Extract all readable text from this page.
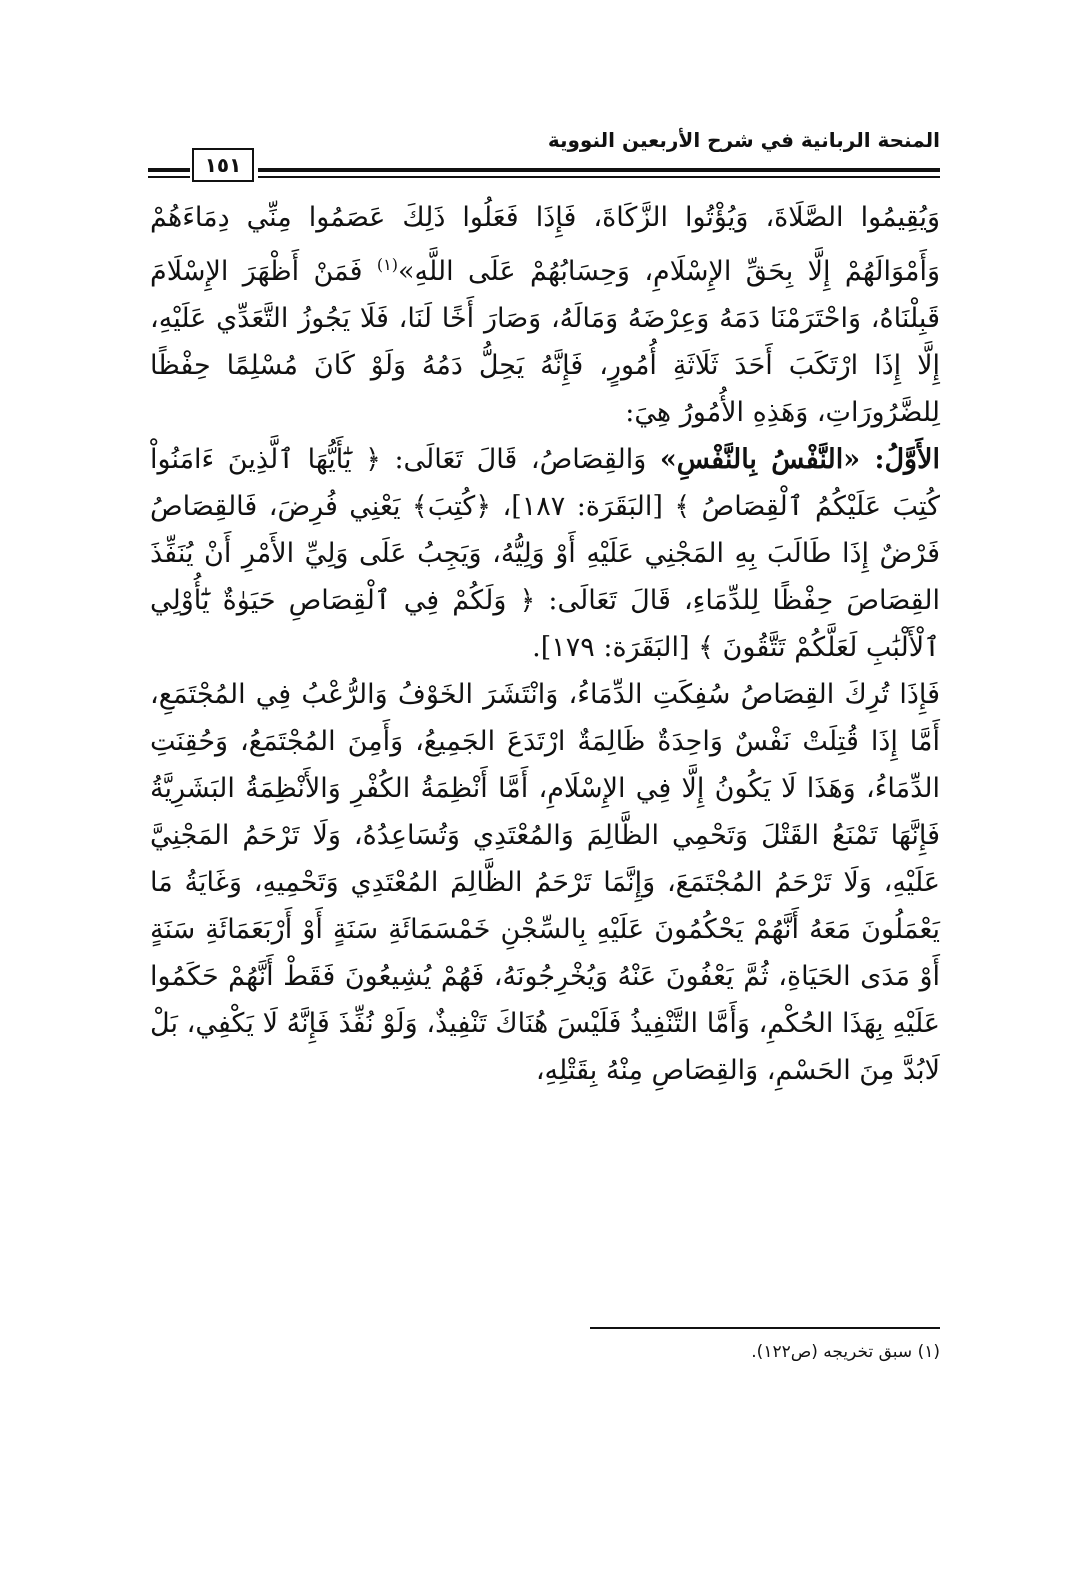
المنحة الربانية في شرح الأربعين النووية
١٥١

وَيُقِيمُوا الصَّلَاةَ، وَيُؤْتُوا الزَّكَاةَ، فَإِذَا فَعَلُوا ذَلِكَ عَصَمُوا مِنِّي دِمَاءَهُمْ وَأَمْوَالَهُمْ إِلَّا بِحَقِّ الإِسْلَامِ، وَحِسَابُهُمْ عَلَى اللَّهِ»$^{(١)}$ فَمَنْ أَظْهَرَ الإِسْلَامَ قَبِلْنَاهُ، وَاحْتَرَمْنَا دَمَهُ وَعِرْضَهُ وَمَالَهُ، وَصَارَ أَخًا لَنَا، فَلَا يَجُوزُ التَّعَدِّي عَلَيْهِ، إِلَّا إِذَا ارْتَكَبَ أَحَدَ ثَلَاثَةِ أُمُورٍ، فَإِنَّهُ يَحِلُّ دَمُهُ وَلَوْ كَانَ مُسْلِمًا حِفْظًا لِلضَّرُورَاتِ، وَهَذِهِ الأُمُورُ هِيَ:

الأَوَّلُ: «النَّفْسُ بِالنَّفْسِ» وَالقِصَاصُ، قَالَ تَعَالَى: ﴿ يَٰٓأَيُّهَا ٱلَّذِينَ ءَامَنُواْ كُتِبَ عَلَيْكُمُ ٱلْقِصَاصُ ﴾ [البَقَرَة: ١٨٧]، ﴿كُتِبَ﴾ يَعْنِي فُرِضَ، فَالقِصَاصُ فَرْضٌ إِذَا طَالَبَ بِهِ المَجْنِي عَلَيْهِ أَوْ وَلِيُّهُ، وَيَجِبُ عَلَى وَلِيِّ الأَمْرِ أَنْ يُنَفِّذَ القِصَاصَ حِفْظًا لِلدِّمَاءِ، قَالَ تَعَالَى: ﴿ وَلَكُمْ فِي ٱلْقِصَاصِ حَيَوٰةٌ يَٰٓأُوْلِي ٱلْأَلْبَٰبِ لَعَلَّكُمْ تَتَّقُونَ ﴾ [البَقَرَة: ١٧٩].

فَإِذَا تُرِكَ القِصَاصُ سُفِكَتِ الدِّمَاءُ، وَانْتَشَرَ الخَوْفُ وَالرُّعْبُ فِي المُجْتَمَعِ، أَمَّا إِذَا قُتِلَتْ نَفْسٌ وَاحِدَةٌ ظَالِمَةٌ ارْتَدَعَ الجَمِيعُ، وَأَمِنَ المُجْتَمَعُ، وَحُقِنَتِ الدِّمَاءُ، وَهَذَا لَا يَكُونُ إِلَّا فِي الإِسْلَامِ، أَمَّا أَنْظِمَةُ الكُفْرِ وَالأَنْظِمَةُ البَشَرِيَّةُ فَإِنَّهَا تَمْنَعُ القَتْلَ وَتَحْمِي الظَّالِمَ وَالمُعْتَدِي وَتُسَاعِدُهُ، وَلَا تَرْحَمُ المَجْنِيَّ عَلَيْهِ، وَلَا تَرْحَمُ المُجْتَمَعَ، وَإِنَّمَا تَرْحَمُ الظَّالِمَ المُعْتَدِي وَتَحْمِيهِ، وَغَايَةُ مَا يَعْمَلُونَ مَعَهُ أَنَّهُمْ يَحْكُمُونَ عَلَيْهِ بِالسِّجْنِ خَمْسَمَائَةِ سَنَةٍ أَوْ أَرْبَعَمَائَةِ سَنَةٍ أَوْ مَدَى الحَيَاةِ، ثُمَّ يَعْفُونَ عَنْهُ وَيُخْرِجُونَهُ، فَهُمْ يُشِيعُونَ فَقَطْ أَنَّهُمْ حَكَمُوا عَلَيْهِ بِهَذَا الحُكْمِ، وَأَمَّا التَّنْفِيذُ فَلَيْسَ هُنَاكَ تَنْفِيذٌ، وَلَوْ نُفِّذَ فَإِنَّهُ لَا يَكْفِي، بَلْ لَابُدَّ مِنَ الحَسْمِ، وَالقِصَاصِ مِنْهُ بِقَتْلِهِ،

(١) سبق تخريجه (ص١٢٢).
